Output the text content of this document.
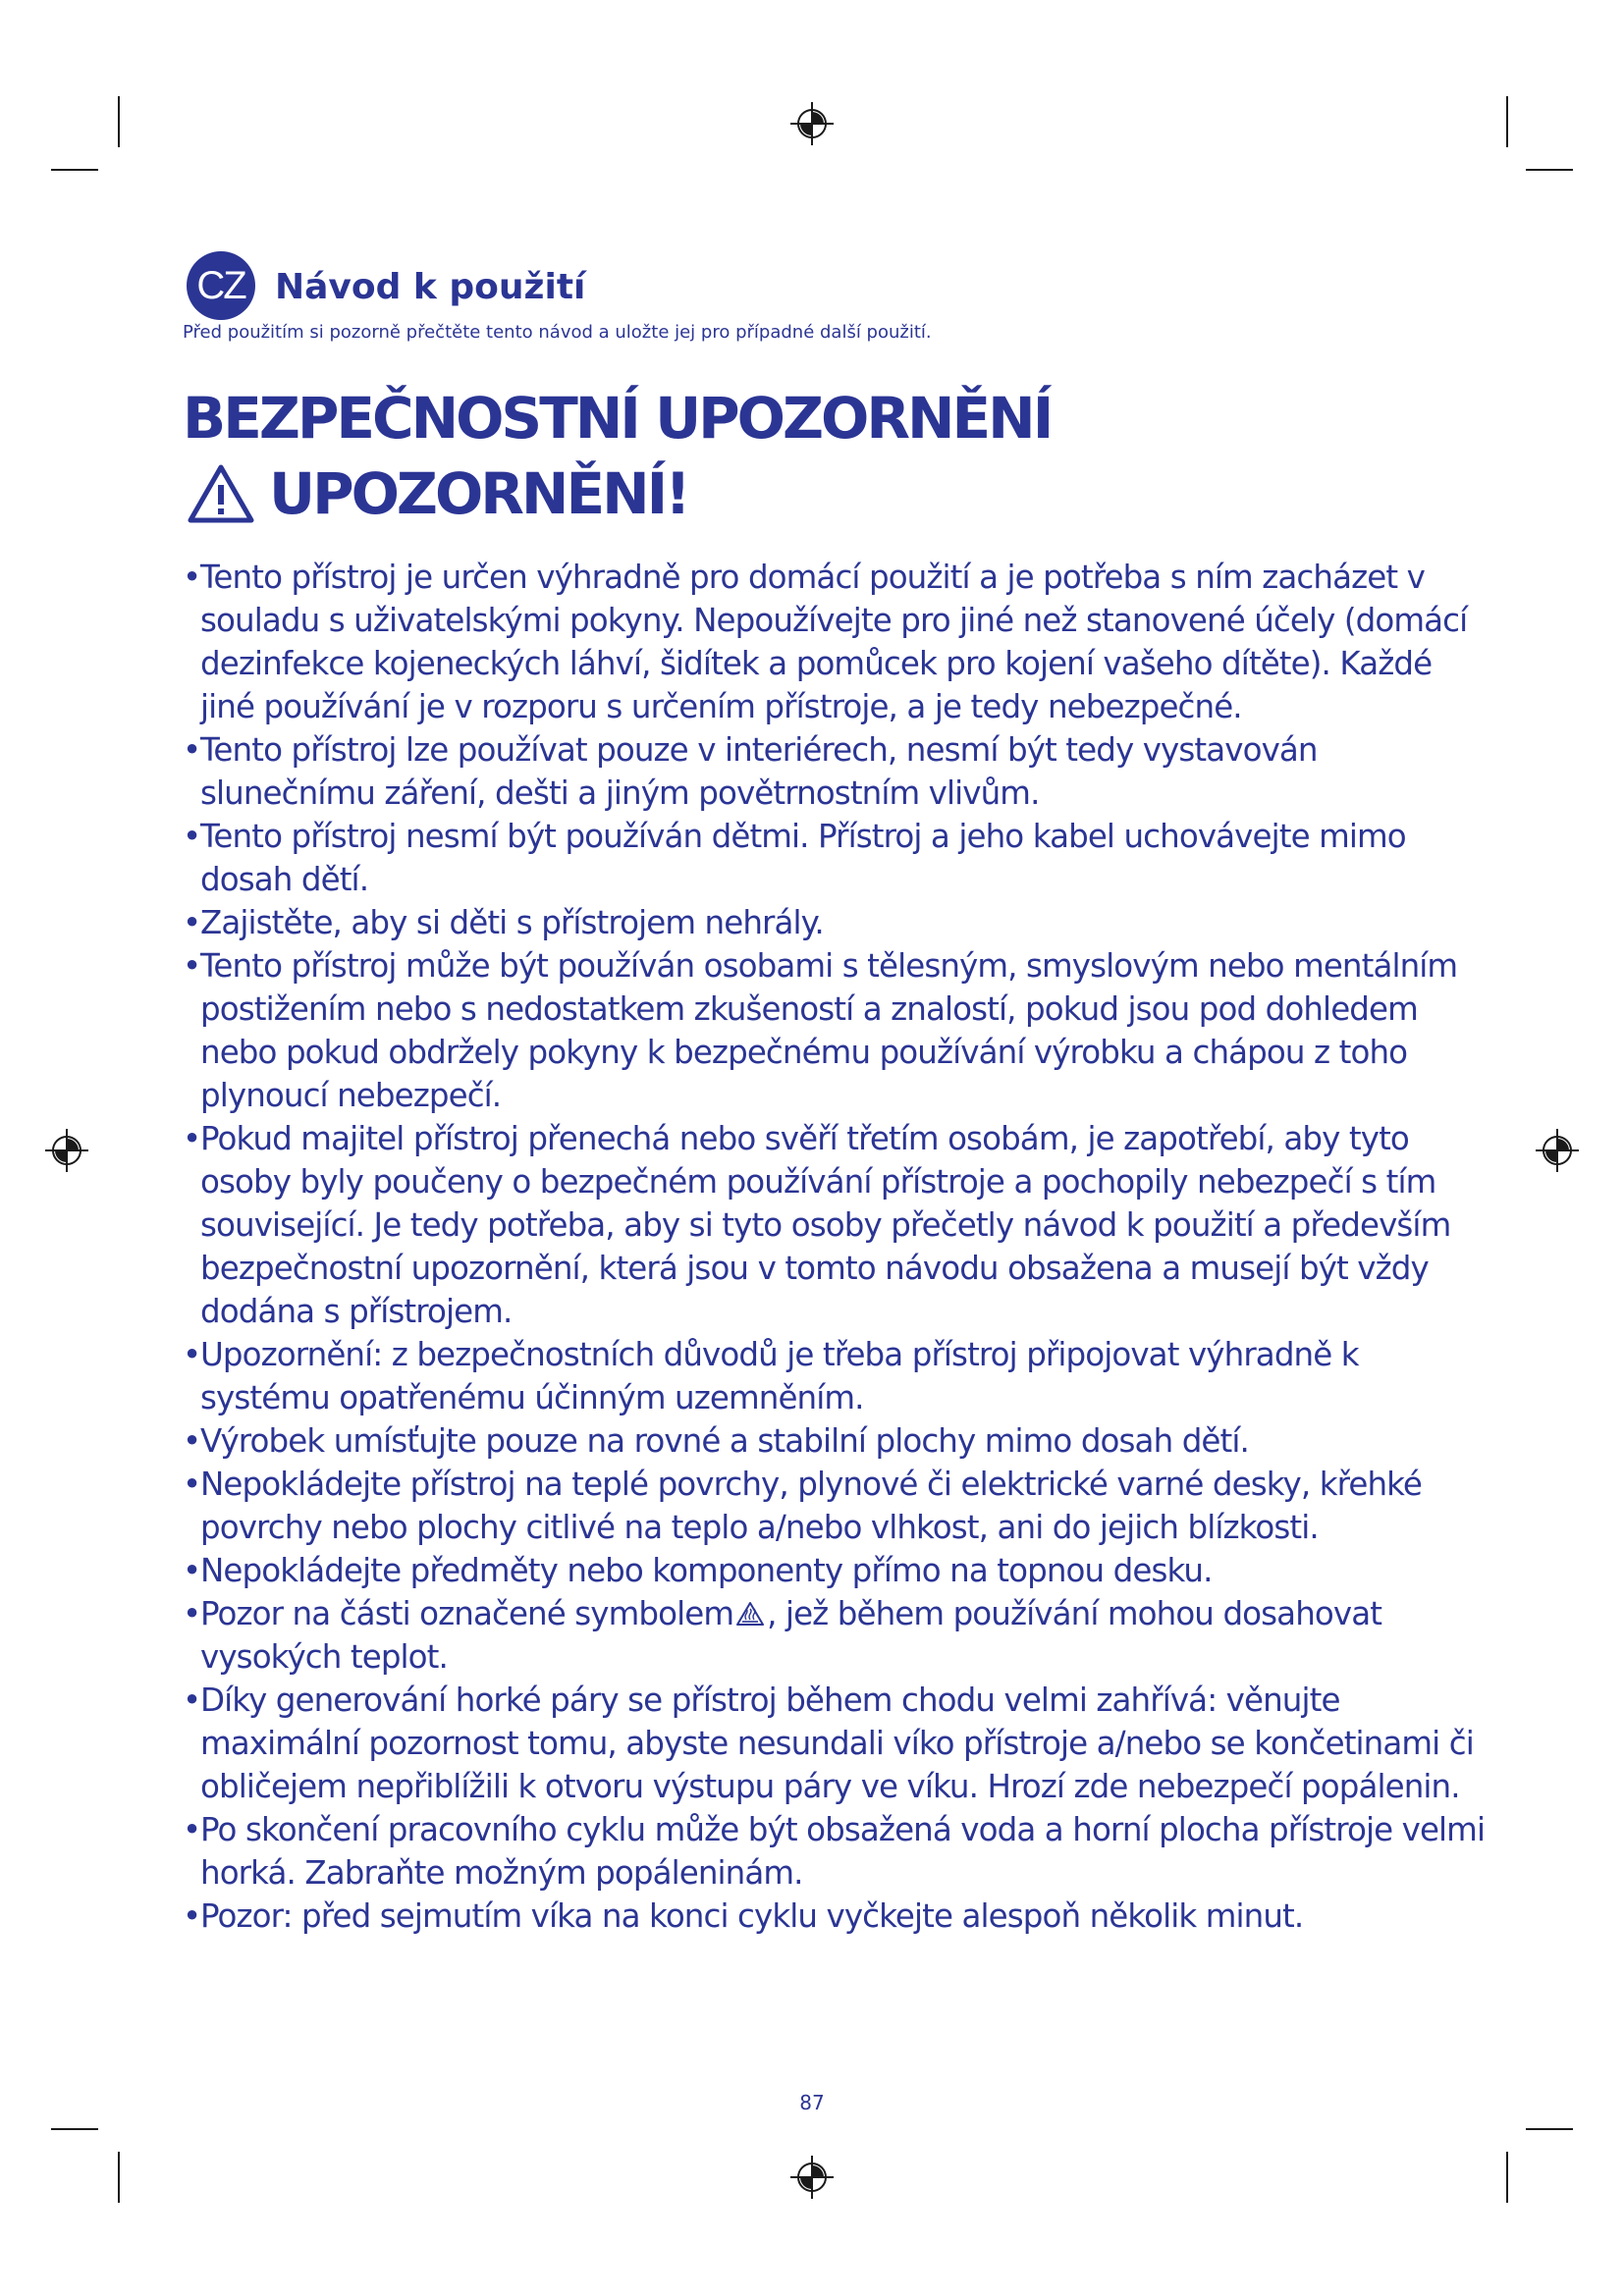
CZ Návod k použití

Před použitím si pozorně přečtěte tento návod a uložte jej pro případné další použití.

BEZPEČNOSTNÍ UPOZORNĚNÍ
UPOZORNĚNÍ!
• Tento přístroj je určen výhradně pro domácí použití a je potřeba s ním zacházet v souladu s uživatelskými pokyny. Nepoužívejte pro jiné než stanovené účely (domácí dezinfekce kojeneckých láhví, šidítek a pomůcek pro kojení vašeho dítěte). Každé jiné používání je v rozporu s určením přístroje, a je tedy nebezpečné.
• Tento přístroj lze používat pouze v interiérech, nesmí být tedy vystavován slunečnímu záření, dešti a jiným povětrnostním vlivům.
• Tento přístroj nesmí být používán dětmi. Přístroj a jeho kabel uchovávejte mimo dosah dětí.
• Zajistěte, aby si děti s přístrojem nehrály.
• Tento přístroj může být používán osobami s tělesným, smyslovým nebo mentálním postižením nebo s nedostatkem zkušeností a znalostí, pokud jsou pod dohledem nebo pokud obdržely pokyny k bezpečnému používání výrobku a chápou z toho plynoucí nebezpečí.
• Pokud majitel přístroj přenechá nebo svěří třetím osobám, je zapotřebí, aby tyto osoby byly poučeny o bezpečném používání přístroje a pochopily nebezpečí s tím související. Je tedy potřeba, aby si tyto osoby přečetly návod k použití a především bezpečnostní upozornění, která jsou v tomto návodu obsažena a musejí být vždy dodána s přístrojem.
• Upozornění: z bezpečnostních důvodů je třeba přístroj připojovat výhradně k systému opatřenému účinným uzemněním.
• Výrobek umísťujte pouze na rovné a stabilní plochy mimo dosah dětí.
• Nepokládejte přístroj na teplé povrchy, plynové či elektrické varné desky, křehké povrchy nebo plochy citlivé na teplo a/nebo vlhkost, ani do jejich blízkosti.
• Nepokládejte předměty nebo komponenty přímo na topnou desku.
• Pozor na části označené symbolem , jež během používání mohou dosahovat vysokých teplot.
• Díky generování horké páry se přístroj během chodu velmi zahřívá: věnujte maximální pozornost tomu, abyste nesundali víko přístroje a/nebo se končetinami či obličejem nepřiblížili k otvoru výstupu páry ve víku. Hrozí zde nebezpečí popálenin.
• Po skončení pracovního cyklu může být obsažená voda a horní plocha přístroje velmi horká. Zabraňte možným popáleninám.
• Pozor: před sejmutím víka na konci cyklu vyčkejte alespoň několik minut.

87
